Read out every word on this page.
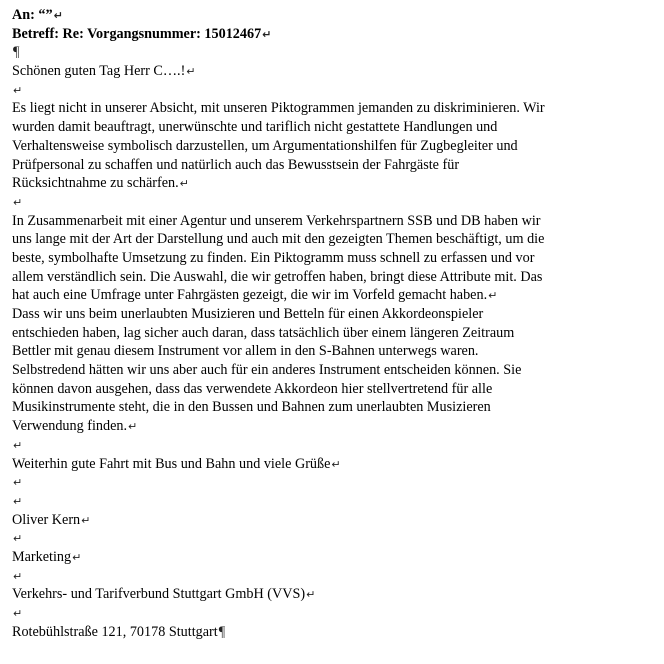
An: “”↵
Betreff: Re: Vorgangsnummer: 15012467↵
¶
Schönen guten Tag Herr C….!↵
↵
Es liegt nicht in unserer Absicht, mit unseren Piktogrammen jemanden zu diskriminieren. Wir
wurden damit beauftragt, unerwünschte und tariflich nicht gestattete Handlungen und
Verhaltensweise symbolisch darzustellen, um Argumentationshilfen für Zugbegleiter und
Prüfpersonal zu schaffen und natürlich auch das Bewusstsein der Fahrgäste für
Rücksichtnahme zu schärfen.↵
↵
In Zusammenarbeit mit einer Agentur und unserem Verkehrspartnern SSB und DB haben wir
uns lange mit der Art der Darstellung und auch mit den gezeigten Themen beschäftigt, um die
beste, symbolhafte Umsetzung zu finden. Ein Piktogramm muss schnell zu erfassen und vor
allem verständlich sein. Die Auswahl, die wir getroffen haben, bringt diese Attribute mit. Das
hat auch eine Umfrage unter Fahrgästen gezeigt, die wir im Vorfeld gemacht haben.↵
Dass wir uns beim unerlaubten Musizieren und Betteln für einen Akkordeonspieler
entschieden haben, lag sicher auch daran, dass tatsächlich über einem längeren Zeitraum
Bettler mit genau diesem Instrument vor allem in den S-Bahnen unterwegs waren.
Selbstredend hätten wir uns aber auch für ein anderes Instrument entscheiden können. Sie
können davon ausgehen, dass das verwendete Akkordeon hier stellvertretend für alle
Musikinstrumente steht, die in den Bussen und Bahnen zum unerlaubten Musizieren
Verwendung finden.↵
↵
Weiterhin gute Fahrt mit Bus und Bahn und viele Grüße↵
↵
↵
Oliver Kern↵
↵
Marketing↵
↵
Verkehrs- und Tarifverbund Stuttgart GmbH (VVS)↵
↵
Rotebühlstraße 121, 70178 Stuttgart¶
